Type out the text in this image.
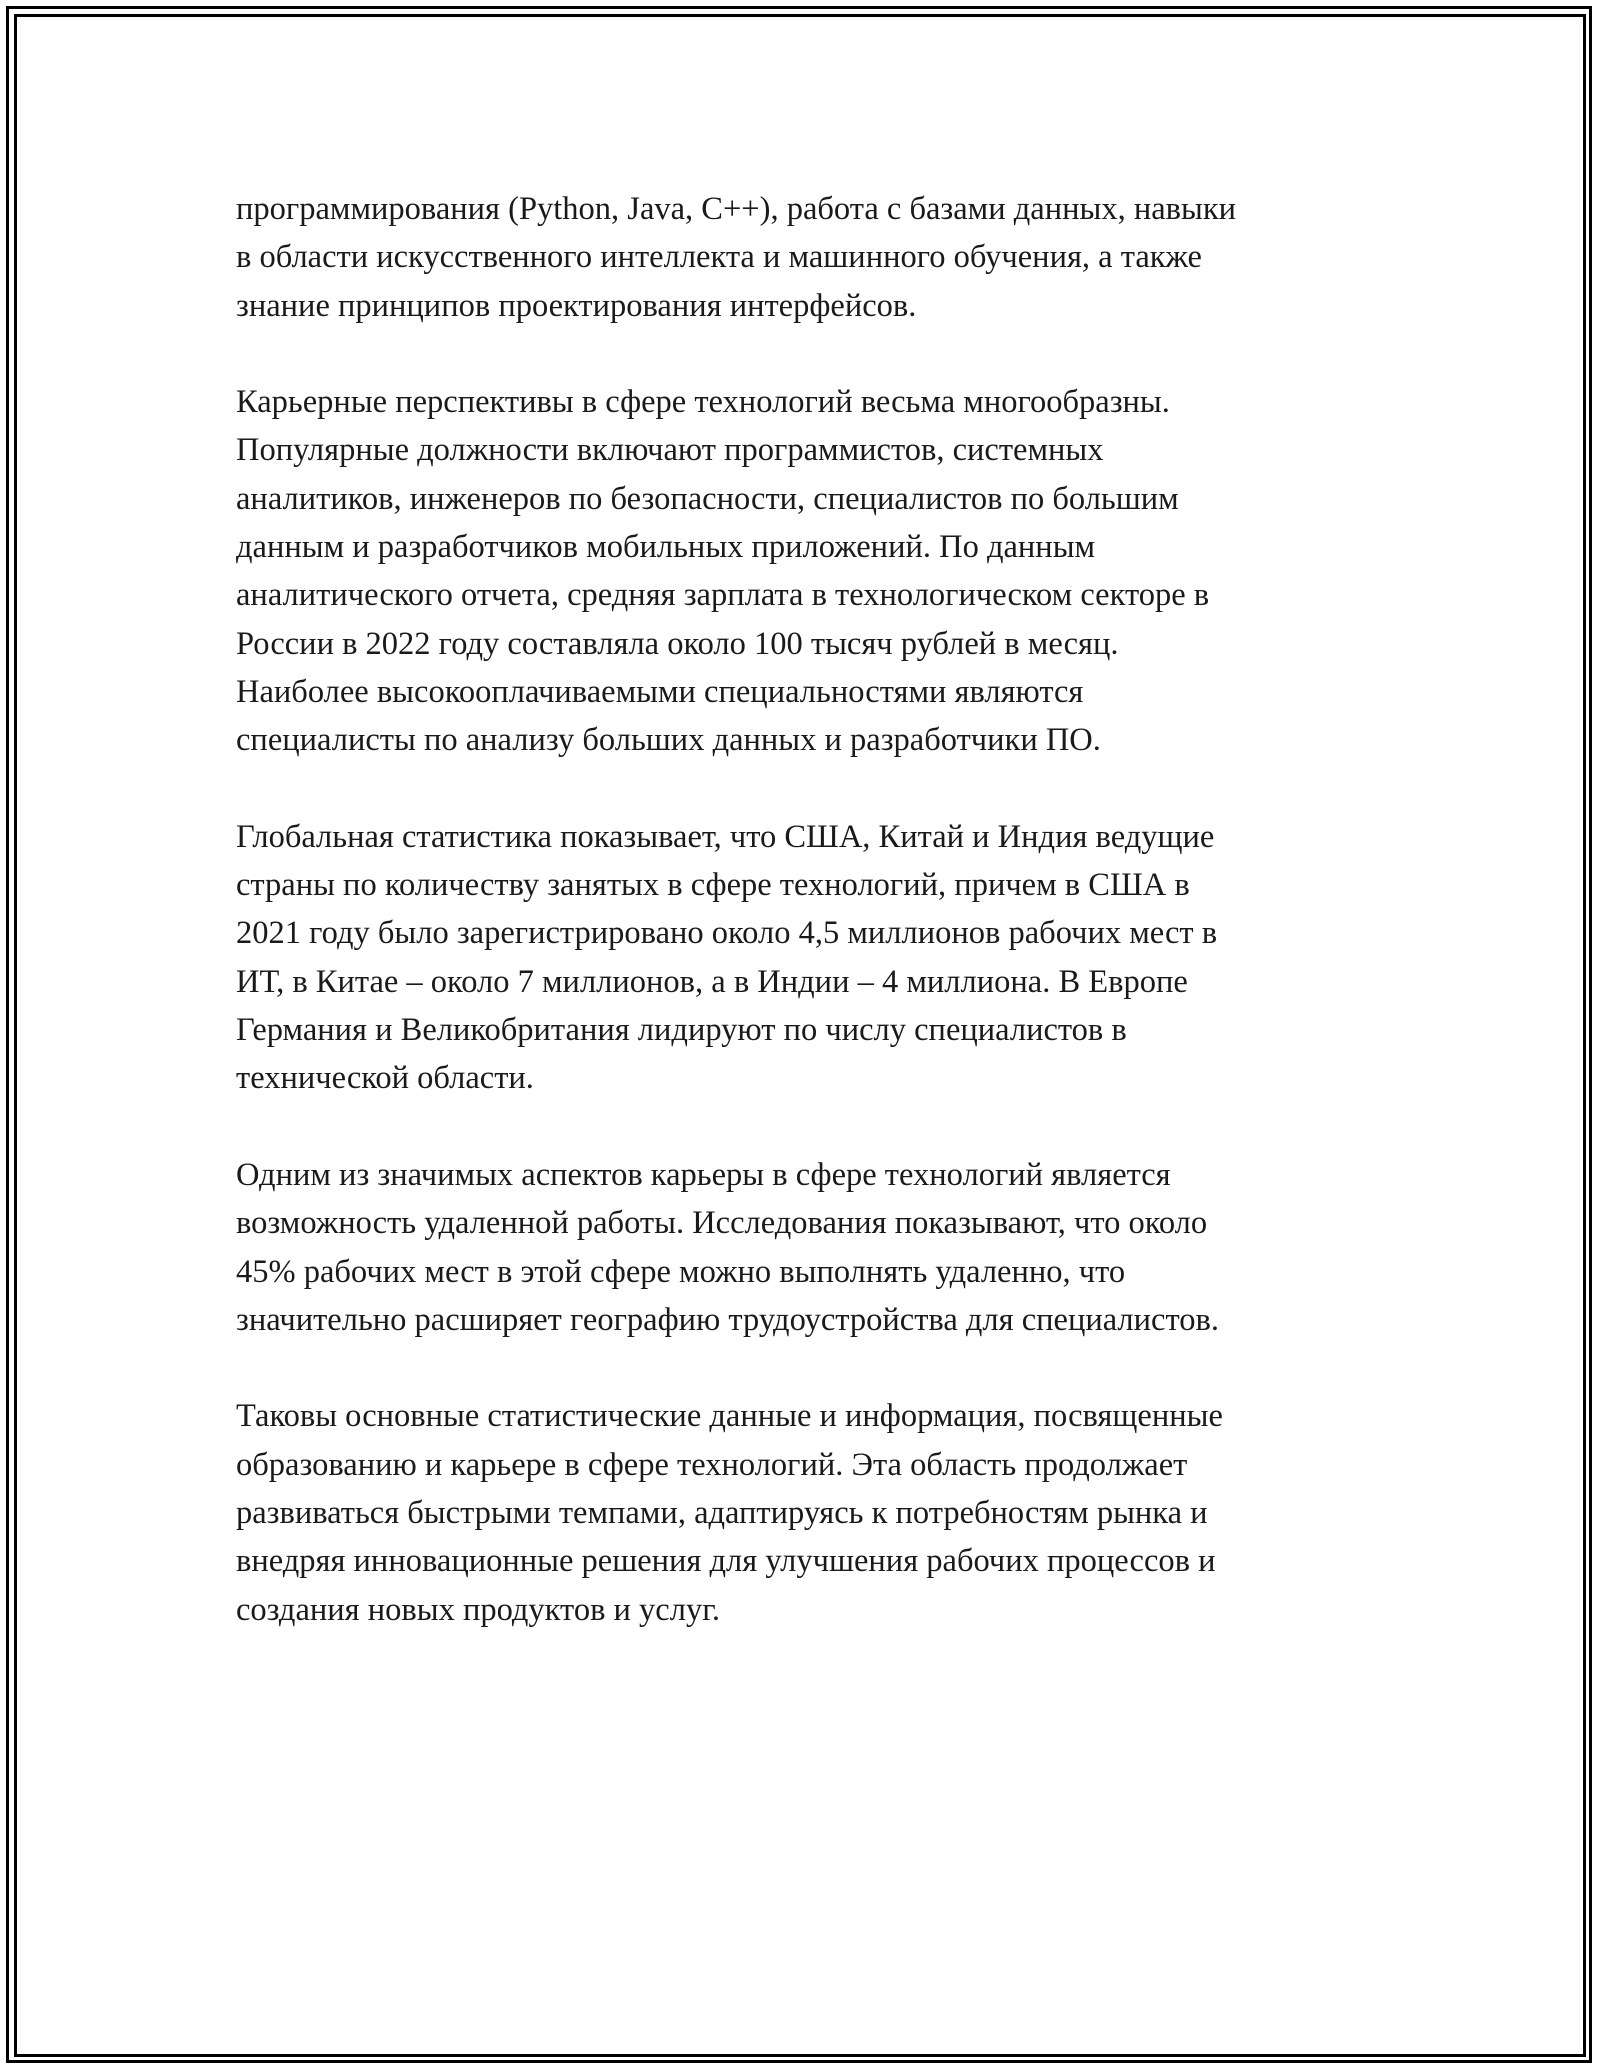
программирования (Python, Java, C++), работа с базами данных, навыки
в области искусственного интеллекта и машинного обучения, а также
знание принципов проектирования интерфейсов.

Карьерные перспективы в сфере технологий весьма многообразны.
Популярные должности включают программистов, системных
аналитиков, инженеров по безопасности, специалистов по большим
данным и разработчиков мобильных приложений. По данным
аналитического отчета, средняя зарплата в технологическом секторе в
России в 2022 году составляла около 100 тысяч рублей в месяц.
Наиболее высокооплачиваемыми специальностями являются
специалисты по анализу больших данных и разработчики ПО.

Глобальная статистика показывает, что США, Китай и Индия ведущие
страны по количеству занятых в сфере технологий, причем в США в
2021 году было зарегистрировано около 4,5 миллионов рабочих мест в
ИТ, в Китае – около 7 миллионов, а в Индии – 4 миллиона. В Европе
Германия и Великобритания лидируют по числу специалистов в
технической области.

Одним из значимых аспектов карьеры в сфере технологий является
возможность удаленной работы. Исследования показывают, что около
45% рабочих мест в этой сфере можно выполнять удаленно, что
значительно расширяет географию трудоустройства для специалистов.

Таковы основные статистические данные и информация, посвященные
образованию и карьере в сфере технологий. Эта область продолжает
развиваться быстрыми темпами, адаптируясь к потребностям рынка и
внедряя инновационные решения для улучшения рабочих процессов и
создания новых продуктов и услуг.
